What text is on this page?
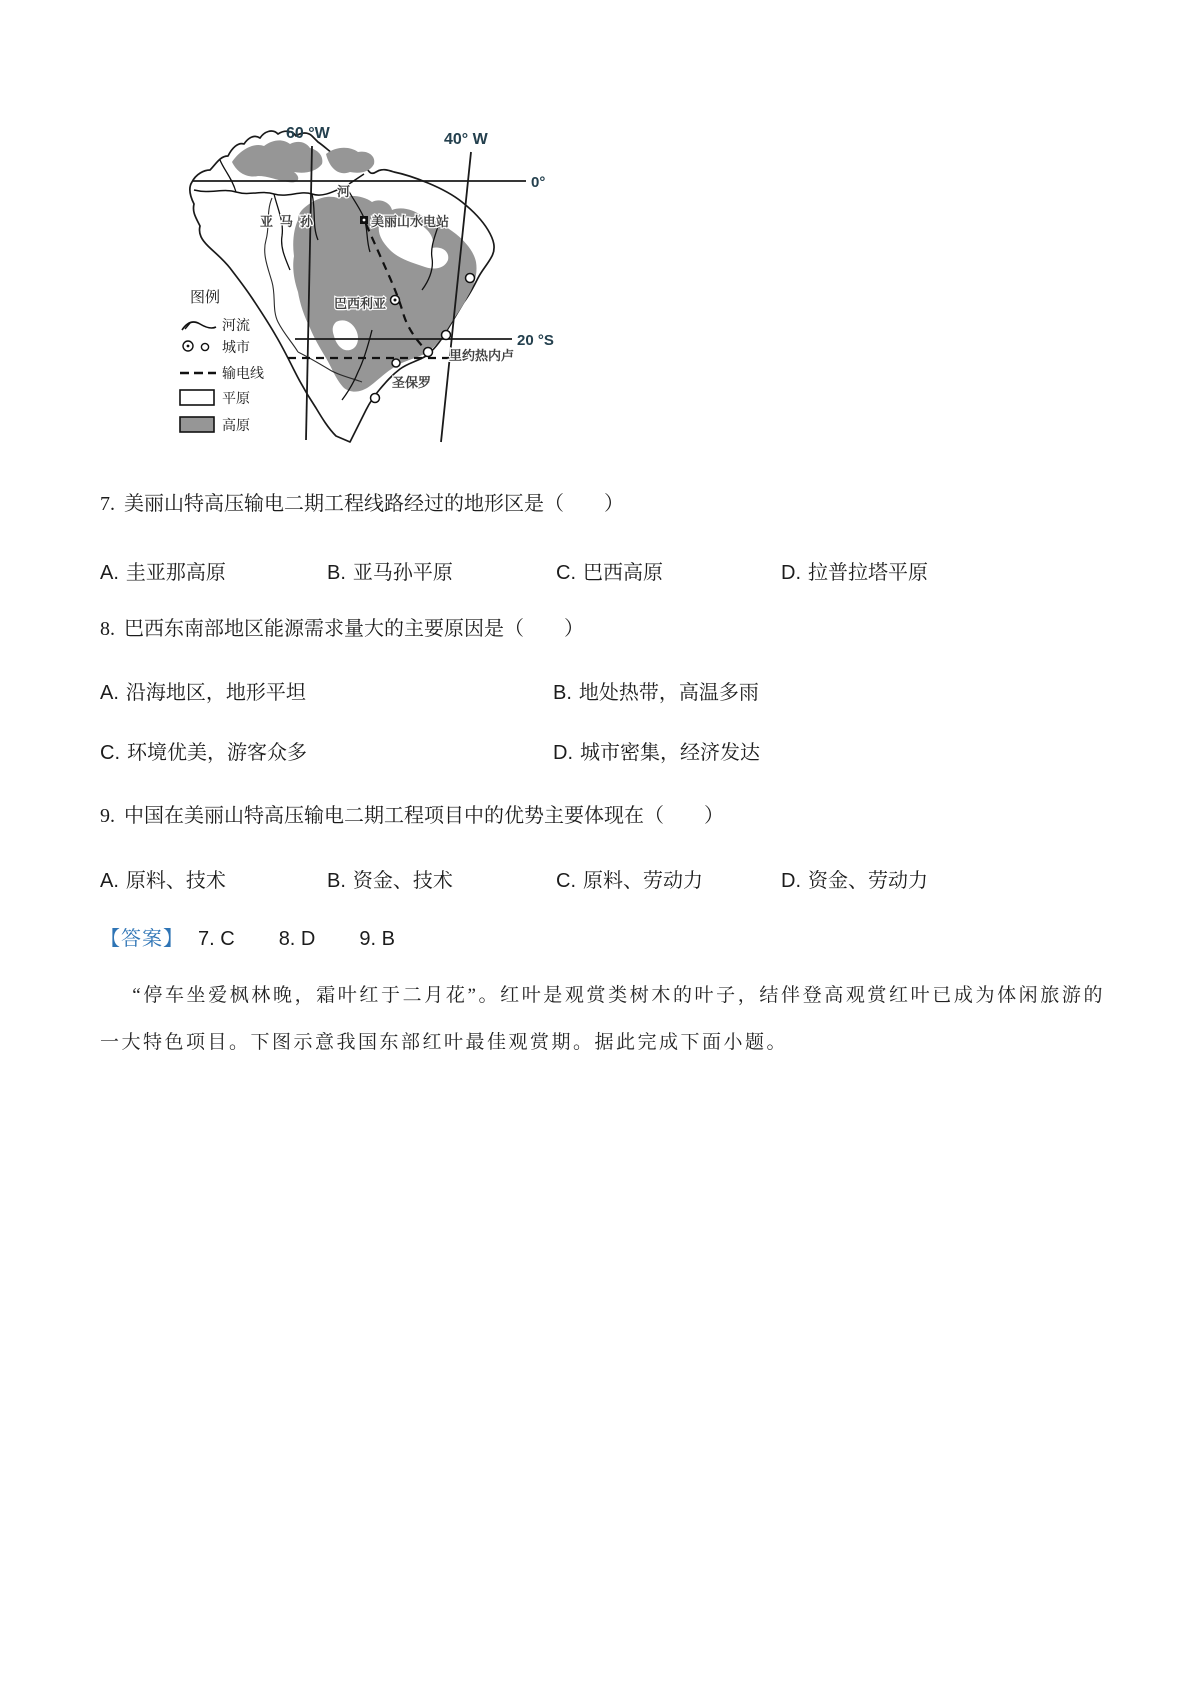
60 °W	40° W
0°
20 °S
亚马孙
河
美丽山水电站
巴西利亚
里约热内卢
圣保罗
图例
河流
城市
输电线
平原
高原
7. 美丽山特高压输电二期工程线路经过的地形区是（　　）
A. 圭亚那高原	B. 亚马孙平原	C. 巴西高原	D. 拉普拉塔平原
8. 巴西东南部地区能源需求量大的主要原因是（　　）
A. 沿海地区，地形平坦	B. 地处热带，高温多雨
C. 环境优美，游客众多	D. 城市密集，经济发达
9. 中国在美丽山特高压输电二期工程项目中的优势主要体现在（　　）
A. 原料、技术	B. 资金、技术	C. 原料、劳动力	D. 资金、劳动力
【答案】 7. C 8. D 9. B
“停车坐爱枫林晚，霜叶红于二月花”。红叶是观赏类树木的叶子，结伴登高观赏红叶已成为体闲旅游的一大特色项目。下图示意我国东部红叶最佳观赏期。据此完成下面小题。
